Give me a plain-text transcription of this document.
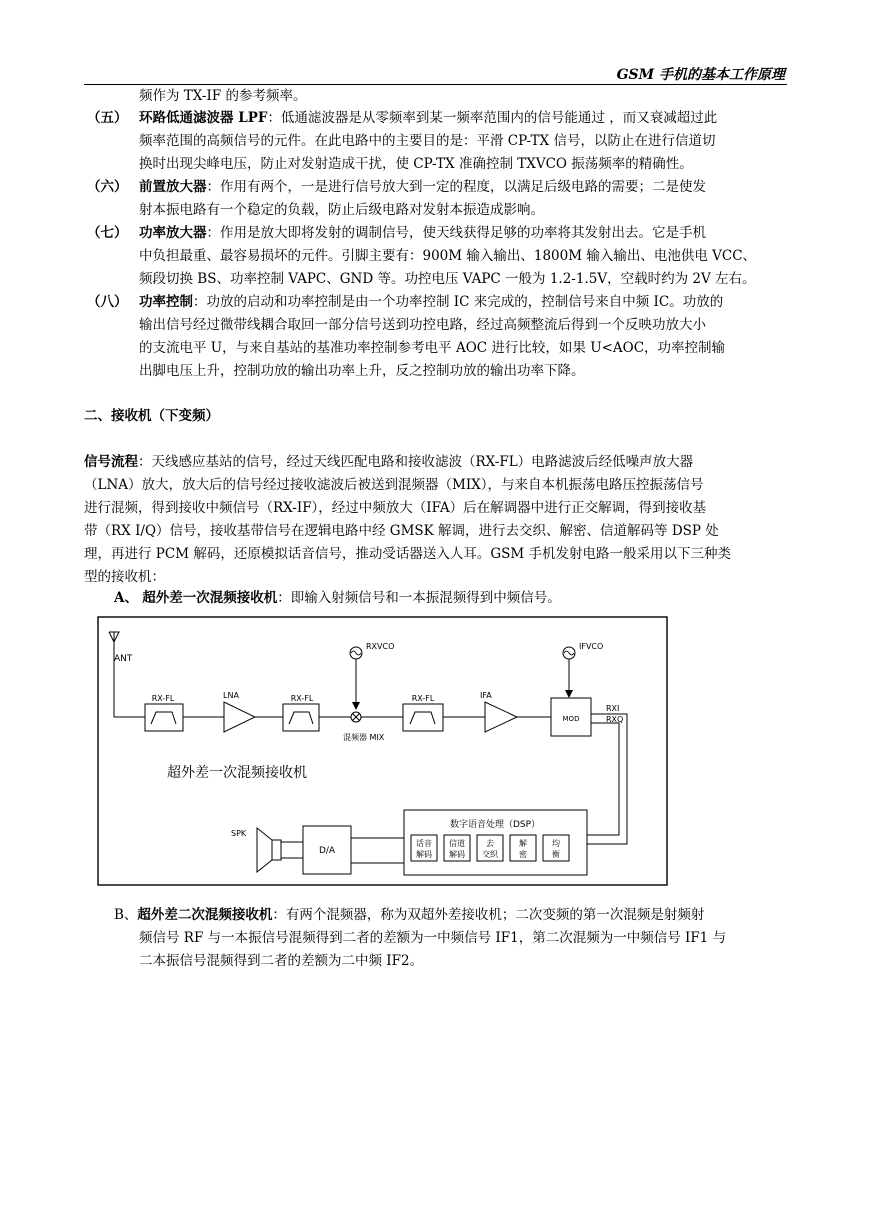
GSM 手机的基本工作原理
频作为 TX-IF 的参考频率。
（五） 环路低通滤波器 LPF：低通滤波器是从零频率到某一频率范围内的信号能通过 ，而又衰减超过此
频率范围的高频信号的元件。在此电路中的主要目的是：平滑 CP-TX 信号，以防止在进行信道切
换时出现尖峰电压，防止对发射造成干扰，使 CP-TX 准确控制 TXVCO 振荡频率的精确性。
（六） 前置放大器：作用有两个，一是进行信号放大到一定的程度，以满足后级电路的需要；二是使发
射本振电路有一个稳定的负载，防止后级电路对发射本振造成影响。
（七） 功率放大器：作用是放大即将发射的调制信号，使天线获得足够的功率将其发射出去。它是手机
中负担最重、最容易损坏的元件。引脚主要有：900M 输入输出、1800M 输入输出、电池供电 VCC、
频段切换 BS、功率控制 VAPC、GND 等。功控电压 VAPC 一般为 1.2-1.5V，空载时约为 2V 左右。
（八） 功率控制：功放的启动和功率控制是由一个功率控制 IC 来完成的，控制信号来自中频 IC。功放的
输出信号经过微带线耦合取回一部分信号送到功控电路，经过高频整流后得到一个反映功放大小
的支流电平 U，与来自基站的基准功率控制参考电平 AOC 进行比较，如果 U<AOC，功率控制输
出脚电压上升，控制功放的输出功率上升，反之控制功放的输出功率下降。
二、接收机（下变频）
信号流程：天线感应基站的信号，经过天线匹配电路和接收滤波（RX-FL）电路滤波后经低噪声放大器
（LNA）放大，放大后的信号经过接收滤波后被送到混频器（MIX），与来自本机振荡电路压控振荡信号
进行混频，得到接收中频信号（RX-IF），经过中频放大（IFA）后在解调器中进行正交解调，得到接收基
带（RX I/Q）信号，接收基带信号在逻辑电路中经 GMSK 解调，进行去交织、解密、信道解码等 DSP 处
理，再进行 PCM 解码，还原模拟话音信号，推动受话器送入人耳。GSM 手机发射电路一般采用以下三种类
型的接收机：
A、 超外差一次混频接收机：即输入射频信号和一本振混频得到中频信号。
ANT
RX-FL	LNA	RX-FL
RXVCO
混频器 MIX
RX-FL	IFA
IFVCO
MOD
RXI
RXQ
超外差一次混频接收机
数字语音处理（DSP）
话音
解码
信道
解码
去
交织
解
密
均
衡
D/A
SPK
B、超外差二次混频接收机：有两个混频器，称为双超外差接收机；二次变频的第一次混频是射频射
频信号 RF 与一本振信号混频得到二者的差额为一中频信号 IF1，第二次混频为一中频信号 IF1 与
二本振信号混频得到二者的差额为二中频 IF2。
